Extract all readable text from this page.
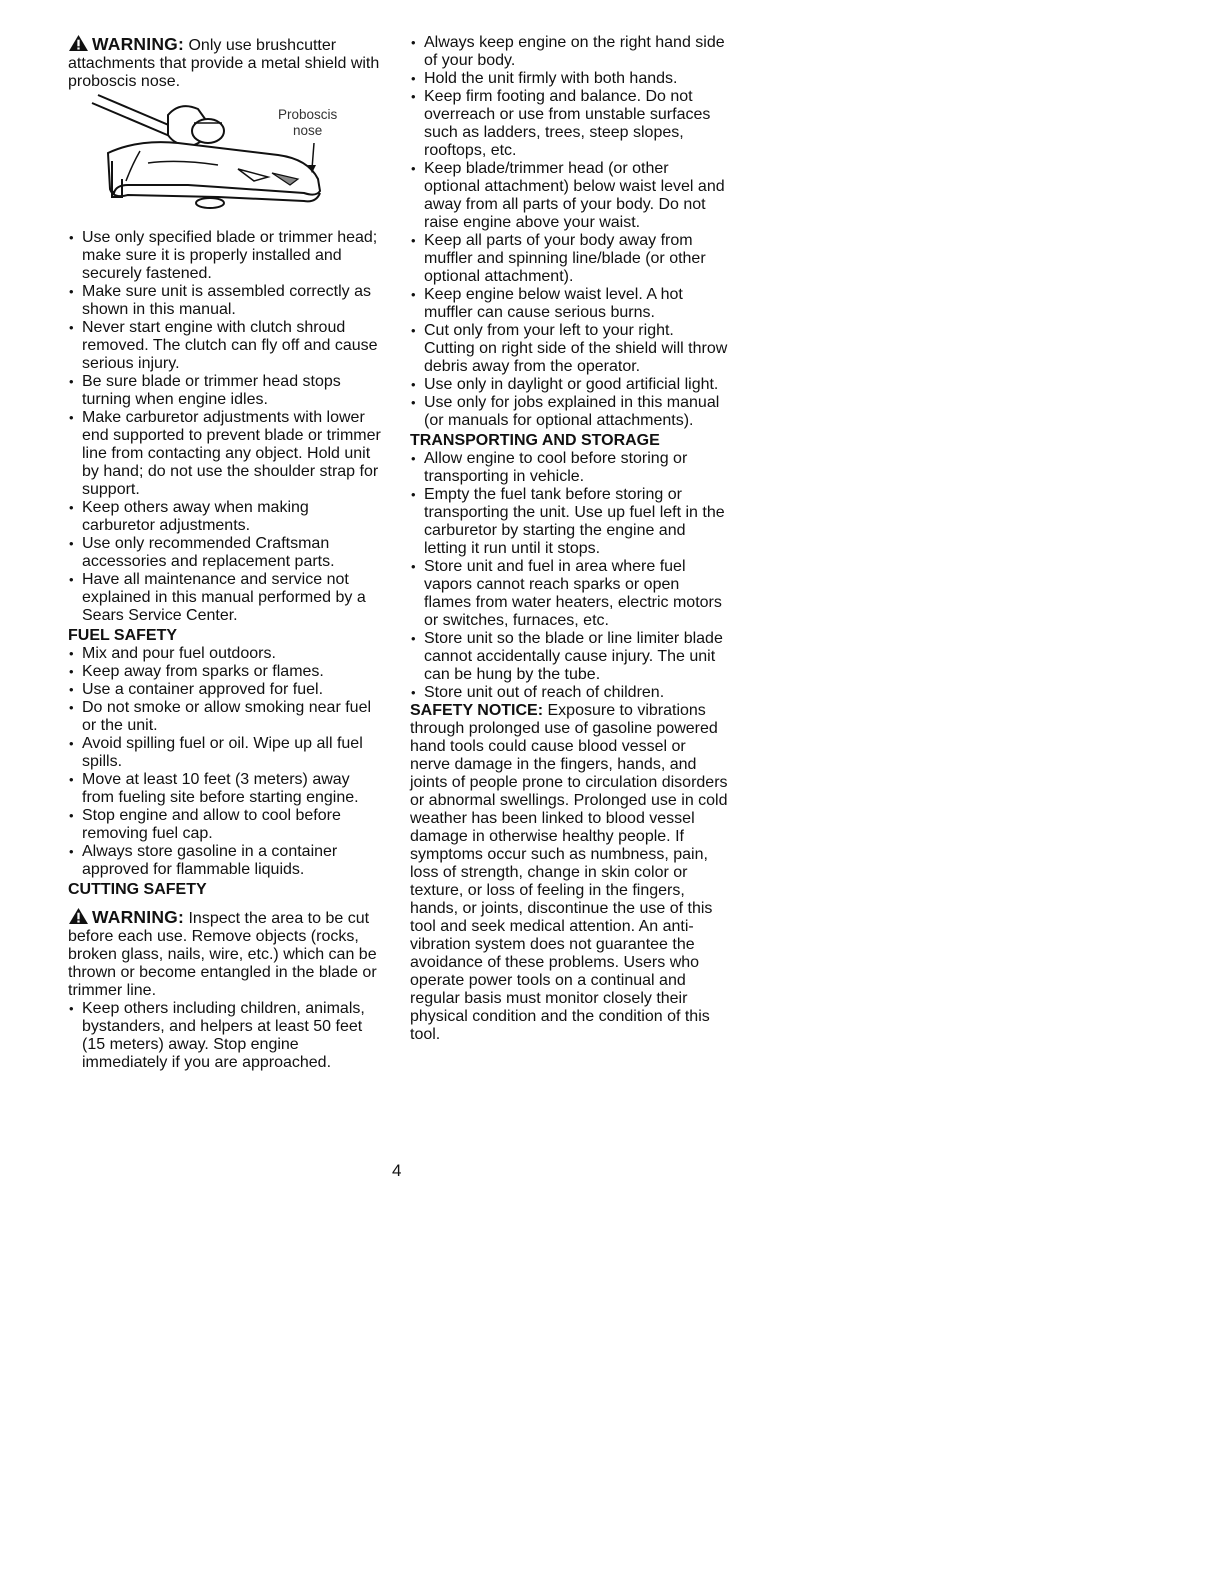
WARNING: Only use brushcutter attachments that provide a metal shield with proboscis nose.

Proboscis
nose
• Use only specified blade or trimmer head; make sure it is properly installed and securely fastened.
• Make sure unit is assembled correctly as shown in this manual.
• Never start engine with clutch shroud removed. The clutch can fly off and cause serious injury.
• Be sure blade or trimmer head stops turning when engine idles.
• Make carburetor adjustments with lower end supported to prevent blade or trimmer line from contacting any object. Hold unit by hand; do not use the shoulder strap for support.
• Keep others away when making carburetor adjustments.
• Use only recommended Craftsman accessories and replacement parts.
• Have all maintenance and service not explained in this manual performed by a Sears Service Center.

FUEL SAFETY

• Mix and pour fuel outdoors.
• Keep away from sparks or flames.
• Use a container approved for fuel.
• Do not smoke or allow smoking near fuel or the unit.
• Avoid spilling fuel or oil. Wipe up all fuel spills.
• Move at least 10 feet (3 meters) away from fueling site before starting engine.
• Stop engine and allow to cool before removing fuel cap.
• Always store gasoline in a container approved for flammable liquids.

CUTTING SAFETY

WARNING: Inspect the area to be cut before each use. Remove objects (rocks, broken glass, nails, wire, etc.) which can be thrown or become entangled in the blade or trimmer line.

• Keep others including children, animals, bystanders, and helpers at least 50 feet (15 meters) away. Stop engine immediately if you are approached.
• Always keep engine on the right hand side of your body.
• Hold the unit firmly with both hands.
• Keep firm footing and balance. Do not overreach or use from unstable surfaces such as ladders, trees, steep slopes, rooftops, etc.
• Keep blade/trimmer head (or other optional attachment) below waist level and away from all parts of your body. Do not raise engine above your waist.
• Keep all parts of your body away from muffler and spinning line/blade (or other optional attachment).
• Keep engine below waist level. A hot muffler can cause serious burns.
• Cut only from your left to your right. Cutting on right side of the shield will throw debris away from the operator.
• Use only in daylight or good artificial light.
• Use only for jobs explained in this manual (or manuals for optional attachments).

TRANSPORTING AND STORAGE

• Allow engine to cool before storing or transporting in vehicle.
• Empty the fuel tank before storing or transporting the unit. Use up fuel left in the carburetor by starting the engine and letting it run until it stops.
• Store unit and fuel in area where fuel vapors cannot reach sparks or open flames from water heaters, electric motors or switches, furnaces, etc.
• Store unit so the blade or line limiter blade cannot accidentally cause injury. The unit can be hung by the tube.
• Store unit out of reach of children.

SAFETY NOTICE: Exposure to vibrations through prolonged use of gasoline powered hand tools could cause blood vessel or nerve damage in the fingers, hands, and joints of people prone to circulation disorders or abnormal swellings. Prolonged use in cold weather has been linked to blood vessel damage in otherwise healthy people. If symptoms occur such as numbness, pain, loss of strength, change in skin color or texture, or loss of feeling in the fingers, hands, or joints, discontinue the use of this tool and seek medical attention. An anti-vibration system does not guarantee the avoidance of these problems. Users who operate power tools on a continual and regular basis must monitor closely their physical condition and the condition of this tool.

4
